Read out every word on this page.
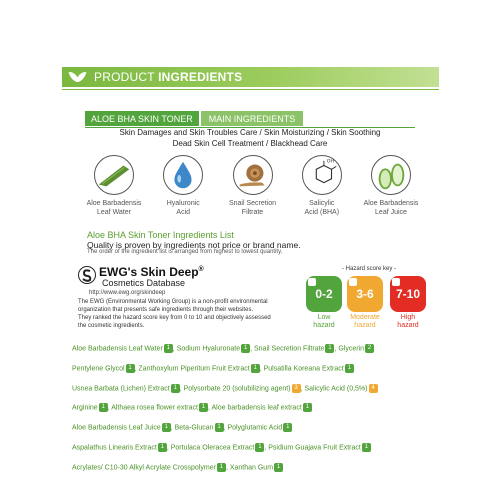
PRODUCT INGREDIENTS
ALOE BHA SKIN TONER	MAIN INGREDIENTS
Skin Damages and Skin Troubles Care / Skin Moisturizing / Skin Soothing
Dead Skin Cell Treatment / Blackhead Care
Aloe Barbadensis
Leaf Water
Hyaluronic
Acid
Snail Secretion
Filtrate
OH
Salicylic
Acid (BHA)
Aloe Barbadensis
Leaf Juice
Aloe BHA Skin Toner Ingredients List
Quality is proven by ingredients not price or brand name.
The order of the ingredient list is arranged from highest to lowest quantity.
EWG's Skin Deep®
Cosmetics Database
http://www.ewg.org/skindeep
The EWG (Environmental Working Group) is a non-profit environmental
organization that presents safe ingredients through their websites.
They ranked the hazard score key from 0 to 10 and objectively assessed
the cosmetic ingredients.
- Hazard score key -
0-2 3-6 7-10
Low
hazard
Moderate
hazard
High
hazard
Aloe Barbadensis Leaf Water 1 , Sodium Hyaluronate 1 , Snail Secretion Filtrate 1 , Glycerin 2
Pentylene Glycol 1 , Zanthoxylum Piperitum Fruit Extract 1 , Pulsatilla Koreana Extract 1
Usnea Barbata (Lichen) Extract 1 , Polysorbate 20 (solubilizing agent) 3 , Salicylic Acid (0,5%) 4
Arginine 1 , Althaea rosea flower extract 1 , Aloe barbadensis leaf extract 1
Aloe Barbadensis Leaf Juice 1 , Beta-Glucan 1 , Polyglutamic Acid 1
Aspalathus Linearis Extract 1 , Portulaca Oleracea Extract 1 , Psidium Guajava Fruit Extract 1
Acrylates/ C10-30 Alkyl Acrylate Crosspolymer 1 , Xanthan Gum 1
